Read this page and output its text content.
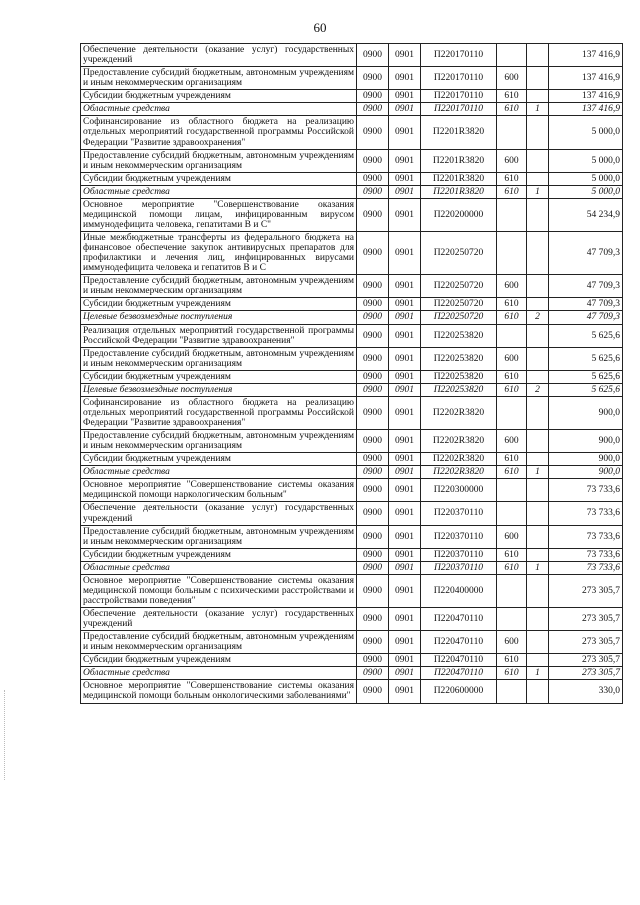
60
Обеспечение деятельности (оказание услуг) государственных учреждений	0900	0901	П220170110			137 416,9
Предоставление субсидий бюджетным, автономным учреждениям и иным некоммерческим организациям	0900	0901	П220170110	600		137 416,9
Субсидии бюджетным учреждениям	0900	0901	П220170110	610		137 416,9
Областные средства	0900	0901	П220170110	610	1	137 416,9
Софинансирование из областного бюджета на реализацию отдельных мероприятий государственной программы Российской Федерации "Развитие здравоохранения"	0900	0901	П2201R3820			5 000,0
Предоставление субсидий бюджетным, автономным учреждениям и иным некоммерческим организациям	0900	0901	П2201R3820	600		5 000,0
Субсидии бюджетным учреждениям	0900	0901	П2201R3820	610		5 000,0
Областные средства	0900	0901	П2201R3820	610	1	5 000,0
Основное мероприятие "Совершенствование оказания медицинской помощи лицам, инфицированным вирусом иммунодефицита человека, гепатитами В и С"	0900	0901	П220200000			54 234,9
Иные межбюджетные трансферты из федерального бюджета на финансовое обеспечение закупок антивирусных препаратов для профилактики и лечения лиц, инфицированных вирусами иммунодефицита человека и гепатитов В и С	0900	0901	П220250720			47 709,3
Предоставление субсидий бюджетным, автономным учреждениям и иным некоммерческим организациям	0900	0901	П220250720	600		47 709,3
Субсидии бюджетным учреждениям	0900	0901	П220250720	610		47 709,3
Целевые безвозмездные поступления	0900	0901	П220250720	610	2	47 709,3
Реализация отдельных мероприятий государственной программы Российской Федерации "Развитие здравоохранения"	0900	0901	П220253820			5 625,6
Предоставление субсидий бюджетным, автономным учреждениям и иным некоммерческим организациям	0900	0901	П220253820	600		5 625,6
Субсидии бюджетным учреждениям	0900	0901	П220253820	610		5 625,6
Целевые безвозмездные поступления	0900	0901	П220253820	610	2	5 625,6
Софинансирование из областного бюджета на реализацию отдельных мероприятий государственной программы Российской Федерации "Развитие здравоохранения"	0900	0901	П2202R3820			900,0
Предоставление субсидий бюджетным, автономным учреждениям и иным некоммерческим организациям	0900	0901	П2202R3820	600		900,0
Субсидии бюджетным учреждениям	0900	0901	П2202R3820	610		900,0
Областные средства	0900	0901	П2202R3820	610	1	900,0
Основное мероприятие "Совершенствование системы оказания медицинской помощи наркологическим больным"	0900	0901	П220300000			73 733,6
Обеспечение деятельности (оказание услуг) государственных учреждений	0900	0901	П220370110			73 733,6
Предоставление субсидий бюджетным, автономным учреждениям и иным некоммерческим организациям	0900	0901	П220370110	600		73 733,6
Субсидии бюджетным учреждениям	0900	0901	П220370110	610		73 733,6
Областные средства	0900	0901	П220370110	610	1	73 733,6
Основное мероприятие "Совершенствование системы оказания медицинской помощи больным с психическими расстройствами и расстройствами поведения"	0900	0901	П220400000			273 305,7
Обеспечение деятельности (оказание услуг) государственных учреждений	0900	0901	П220470110			273 305,7
Предоставление субсидий бюджетным, автономным учреждениям и иным некоммерческим организациям	0900	0901	П220470110	600		273 305,7
Субсидии бюджетным учреждениям	0900	0901	П220470110	610		273 305,7
Областные средства	0900	0901	П220470110	610	1	273 305,7
Основное мероприятие "Совершенствование системы оказания медицинской помощи больным онкологическими заболеваниями"	0900	0901	П220600000			330,0
